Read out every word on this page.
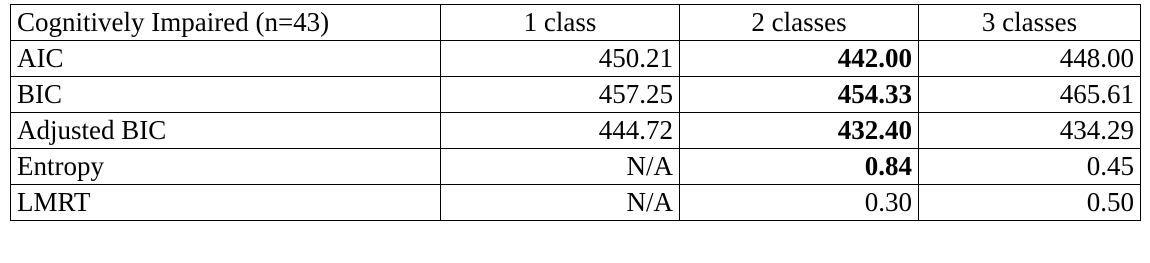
Cognitively Impaired (n=43)	1 class	2 classes	3 classes
AIC	450.21	442.00	448.00
BIC	457.25	454.33	465.61
Adjusted BIC	444.72	432.40	434.29
Entropy	N/A	0.84	0.45
LMRT	N/A	0.30	0.50
